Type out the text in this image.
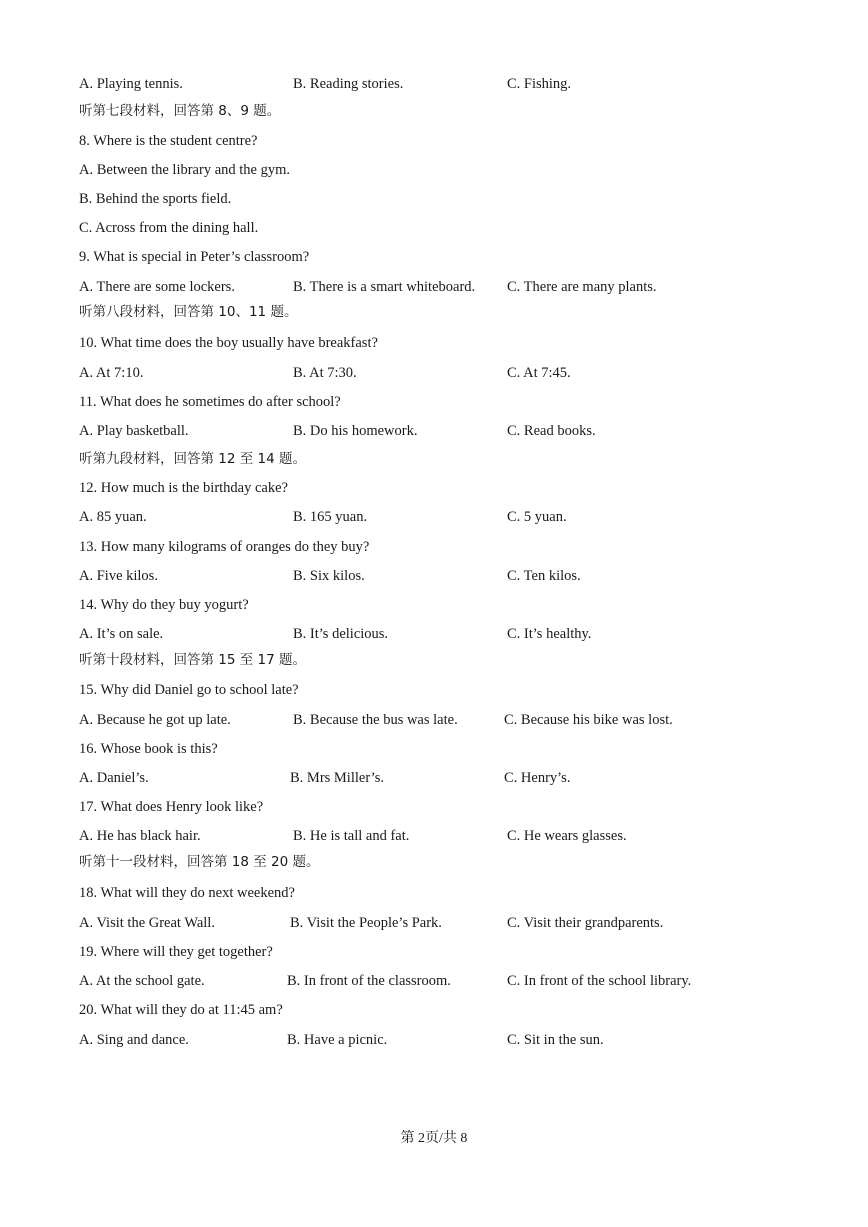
A. Playing tennis.	B. Reading stories.	C. Fishing.
听第七段材料，回答第 8、9 题。
8. Where is the student centre?
A. Between the library and the gym.
B. Behind the sports field.
C. Across from the dining hall.
9. What is special in Peter’s classroom?
A. There are some lockers.	B. There is a smart whiteboard. C. There are many plants.
听第八段材料，回答第 10、11 题。
10. What time does the boy usually have breakfast?
A. At 7:10.	B. At 7:30.	C. At 7:45.
11. What does he sometimes do after school?
A. Play basketball.	B. Do his homework.	C. Read books.
听第九段材料，回答第 12 至 14 题。
12. How much is the birthday cake?
A. 85 yuan.	B. 165 yuan.	C. 5 yuan.
13. How many kilograms of oranges do they buy?
A. Five kilos.	B. Six kilos.	C. Ten kilos.
14. Why do they buy yogurt?
A. It’s on sale.	B. It’s delicious.	C. It’s healthy.
听第十段材料，回答第 15 至 17 题。
15. Why did Daniel go to school late?
A. Because he got up late.	B. Because the bus was late.	C. Because his bike was lost.
16. Whose book is this?
A. Daniel’s.	B. Mrs Miller’s.	C. Henry’s.
17. What does Henry look like?
A. He has black hair.	B. He is tall and fat.	C. He wears glasses.
听第十一段材料，回答第 18 至 20 题。
18. What will they do next weekend?
A. Visit the Great Wall.	B. Visit the People’s Park.	C. Visit their grandparents.
19. Where will they get together?
A. At the school gate.	B. In front of the classroom.	C. In front of the school library.
20. What will they do at 11:45 am?
A. Sing and dance.	B. Have a picnic.	C. Sit in the sun.
第 2页/共 8
